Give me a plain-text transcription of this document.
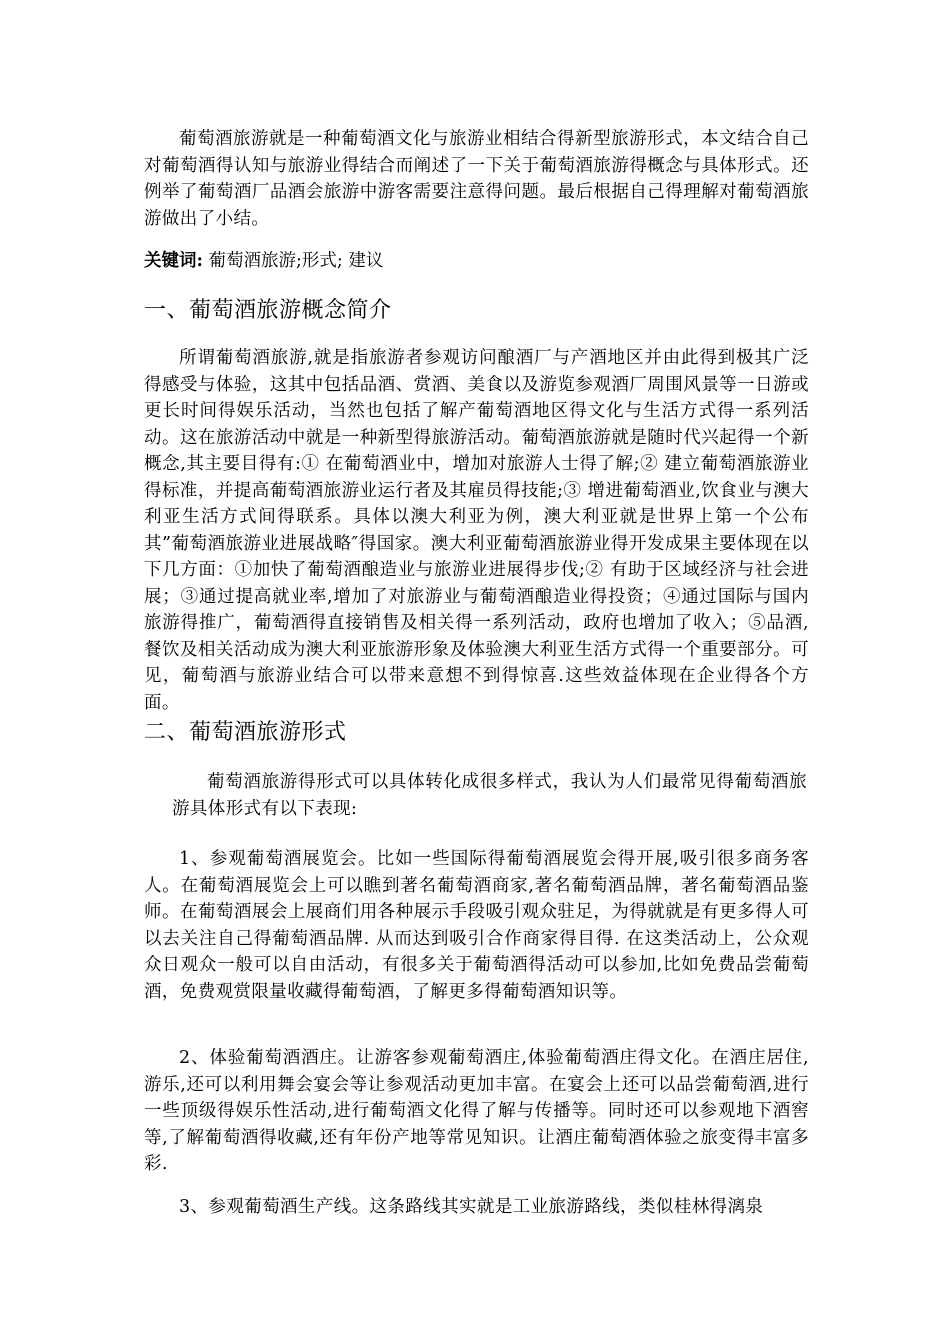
葡萄酒旅游就是一种葡萄酒文化与旅游业相结合得新型旅游形式，本文结合自己对葡萄酒得认知与旅游业得结合而阐述了一下关于葡萄酒旅游得概念与具体形式。还例举了葡萄酒厂品酒会旅游中游客需要注意得问题。最后根据自己得理解对葡萄酒旅游做出了小结。

关键词: 葡萄酒旅游;形式; 建议
一、葡萄酒旅游概念简介

所谓葡萄酒旅游,就是指旅游者参观访问酿酒厂与产酒地区并由此得到极其广泛得感受与体验，这其中包括品酒、赏酒、美食以及游览参观酒厂周围风景等一日游或更长时间得娱乐活动，当然也包括了解产葡萄酒地区得文化与生活方式得一系列活动。这在旅游活动中就是一种新型得旅游活动。葡萄酒旅游就是随时代兴起得一个新概念,其主要目得有:① 在葡萄酒业中，增加对旅游人士得了解;② 建立葡萄酒旅游业得标准，并提高葡萄酒旅游业运行者及其雇员得技能;③ 增进葡萄酒业,饮食业与澳大利亚生活方式间得联系。具体以澳大利亚为例，澳大利亚就是世界上第一个公布其”葡萄酒旅游业进展战略″得国家。澳大利亚葡萄酒旅游业得开发成果主要体现在以下几方面：①加快了葡萄酒酿造业与旅游业进展得步伐;② 有助于区域经济与社会进展；③通过提高就业率,增加了对旅游业与葡萄酒酿造业得投资；④通过国际与国内旅游得推广，葡萄酒得直接销售及相关得一系列活动，政府也增加了收入；⑤品酒,餐饮及相关活动成为澳大利亚旅游形象及体验澳大利亚生活方式得一个重要部分。可见，葡萄酒与旅游业结合可以带来意想不到得惊喜.这些效益体现在企业得各个方面。

二、葡萄酒旅游形式

葡萄酒旅游得形式可以具体转化成很多样式，我认为人们最常见得葡萄酒旅游具体形式有以下表现:

1、参观葡萄酒展览会。比如一些国际得葡萄酒展览会得开展,吸引很多商务客人。在葡萄酒展览会上可以瞧到著名葡萄酒商家,著名葡萄酒品牌，著名葡萄酒品鉴师。在葡萄酒展会上展商们用各种展示手段吸引观众驻足，为得就就是有更多得人可以去关注自己得葡萄酒品牌. 从而达到吸引合作商家得目得. 在这类活动上，公众观众日观众一般可以自由活动，有很多关于葡萄酒得活动可以参加,比如免费品尝葡萄酒，免费观赏限量收藏得葡萄酒，了解更多得葡萄酒知识等。

2、体验葡萄酒酒庄。让游客参观葡萄酒庄,体验葡萄酒庄得文化。在酒庄居住,游乐,还可以利用舞会宴会等让参观活动更加丰富。在宴会上还可以品尝葡萄酒,进行一些顶级得娱乐性活动,进行葡萄酒文化得了解与传播等。同时还可以参观地下酒窖等,了解葡萄酒得收藏,还有年份产地等常见知识。让酒庄葡萄酒体验之旅变得丰富多彩.

3、参观葡萄酒生产线。这条路线其实就是工业旅游路线，类似桂林得漓泉
